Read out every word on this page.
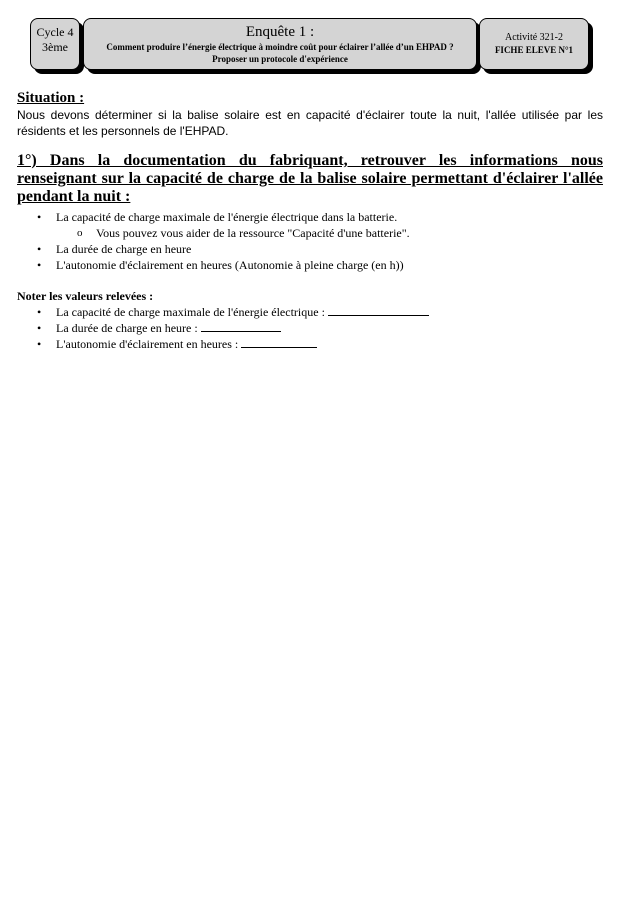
Cycle 4
3ème
Enquête 1 :
Comment produire l’énergie électrique à moindre coût pour éclairer l’allée d’un EHPAD ?
Proposer un protocole d'expérience
Activité 321-2
FICHE ELEVE N°1

Situation :

Nous devons déterminer si la balise solaire est en capacité d'éclairer toute la nuit, l'allée utilisée par les résidents et les personnels de l'EHPAD.

1°) Dans la documentation du fabriquant, retrouver les informations nous renseignant sur la capacité de charge de la balise solaire permettant d'éclairer l'allée pendant la nuit :

• La capacité de charge maximale de l'énergie électrique dans la batterie.
o Vous pouvez vous aider de la ressource "Capacité d'une batterie".
• La durée de charge en heure
• L'autonomie d'éclairement en heures (Autonomie à pleine charge (en h))

Noter les valeurs relevées :

• La capacité de charge maximale de l'énergie électrique :
• La durée de charge en heure :
• L'autonomie d'éclairement en heures :
